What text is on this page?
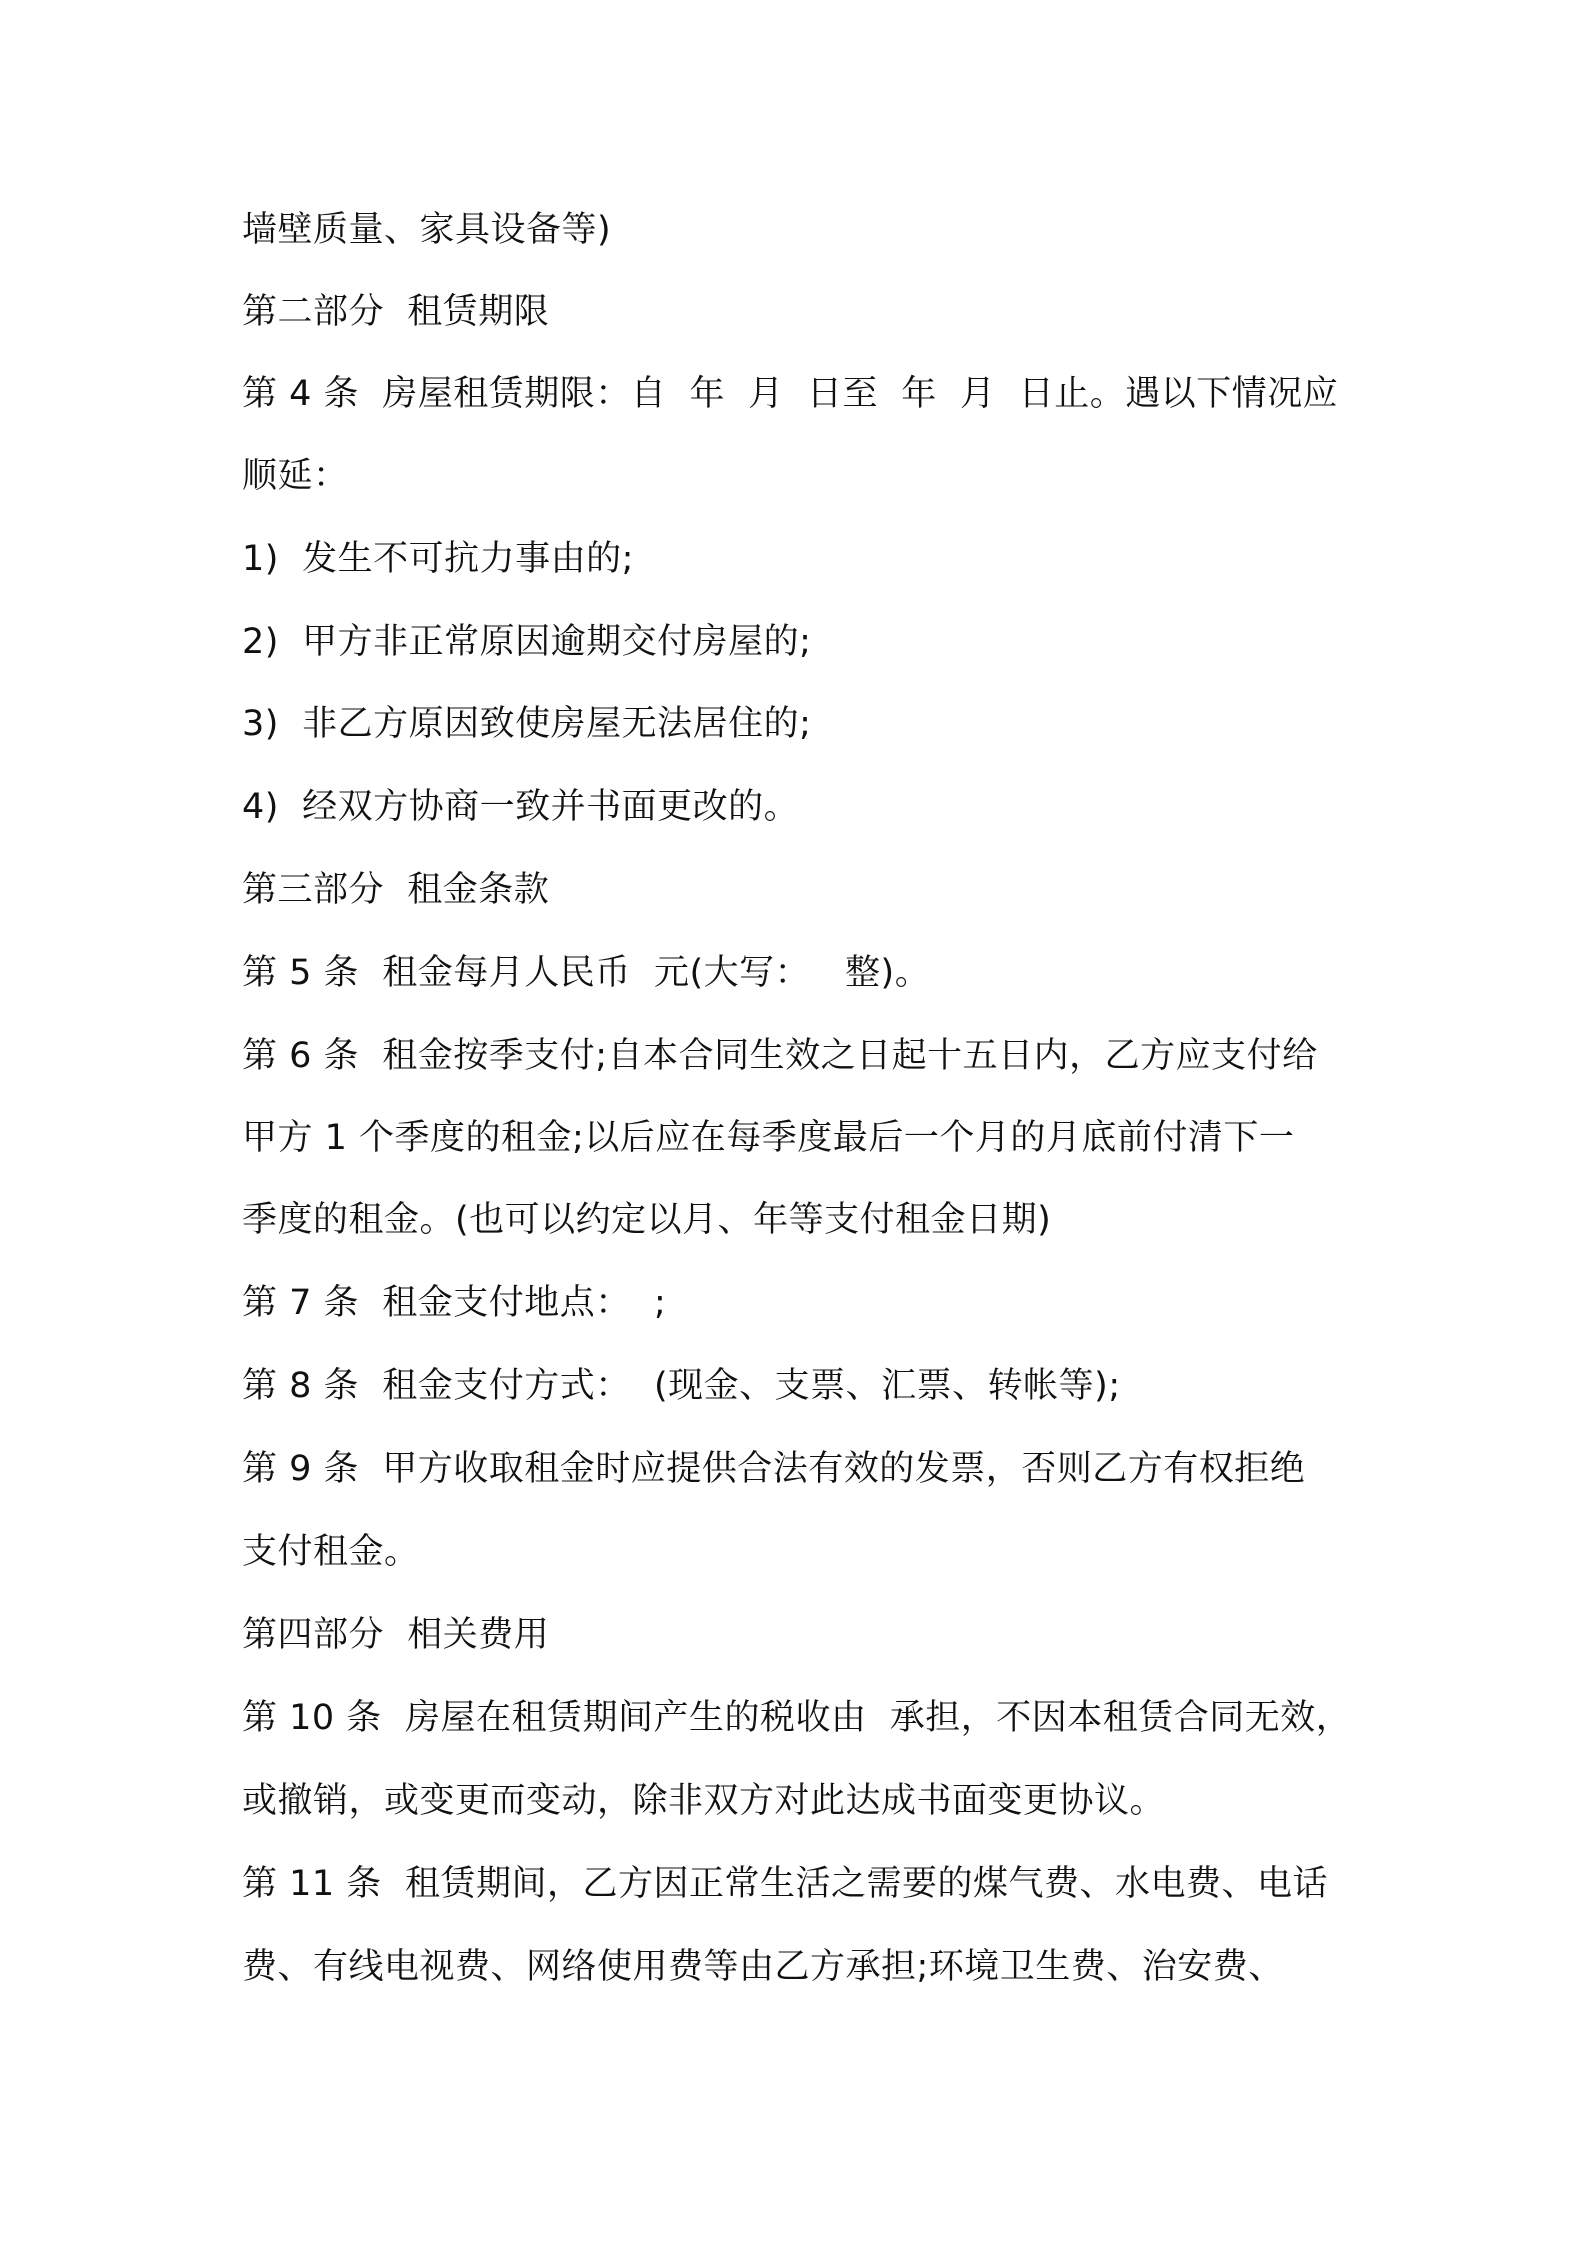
墙壁质量、家具设备等)
第二部分  租赁期限
第 4 条  房屋租赁期限：自  年  月  日至  年  月  日止。遇以下情况应
顺延：
1)  发生不可抗力事由的;
2)  甲方非正常原因逾期交付房屋的;
3)  非乙方原因致使房屋无法居住的;
4)  经双方协商一致并书面更改的。
第三部分  租金条款
第 5 条  租金每月人民币  元(大写：   整)。
第 6 条  租金按季支付;自本合同生效之日起十五日内，乙方应支付给
甲方 1 个季度的租金;以后应在每季度最后一个月的月底前付清下一
季度的租金。(也可以约定以月、年等支付租金日期)
第 7 条  租金支付地点：  ;
第 8 条  租金支付方式：  (现金、支票、汇票、转帐等);
第 9 条  甲方收取租金时应提供合法有效的发票，否则乙方有权拒绝
支付租金。
第四部分  相关费用
第 10 条  房屋在租赁期间产生的税收由  承担，不因本租赁合同无效，
或撤销，或变更而变动，除非双方对此达成书面变更协议。
第 11 条  租赁期间，乙方因正常生活之需要的煤气费、水电费、电话
费、有线电视费、网络使用费等由乙方承担;环境卫生费、治安费、
